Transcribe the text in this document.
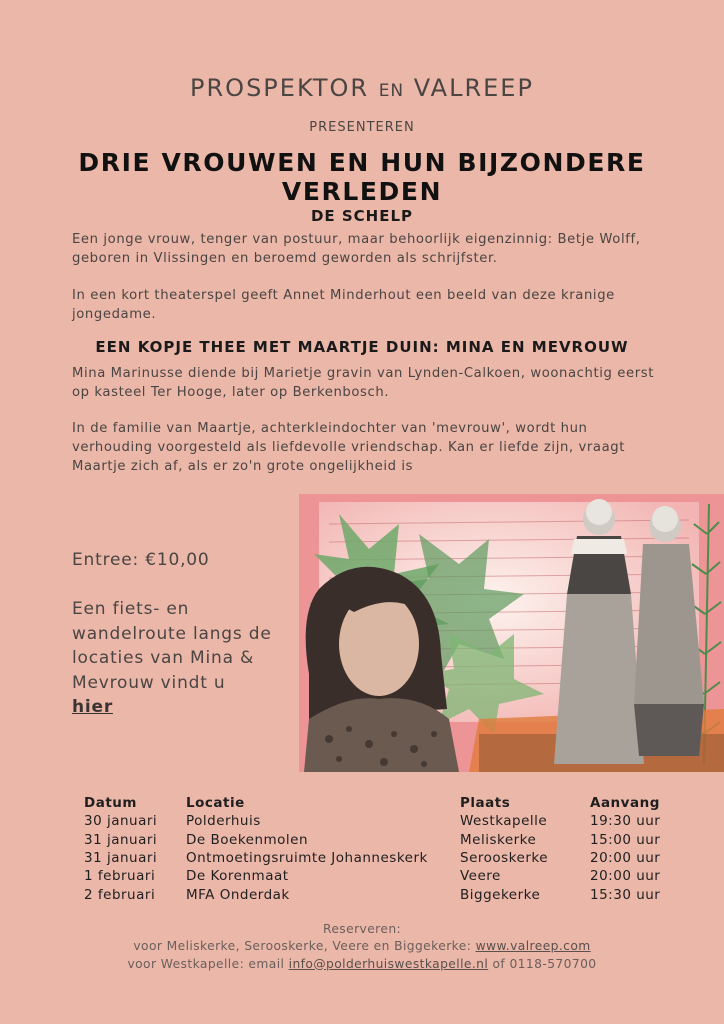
PROSPEKTOR EN VALREEP
PRESENTEREN
DRIE VROUWEN EN HUN BIJZONDERE VERLEDEN
DE SCHELP
Een jonge vrouw, tenger van postuur, maar behoorlijk eigenzinnig: Betje Wolff, geboren in Vlissingen en beroemd geworden als schrijfster.
In een kort theaterspel geeft Annet Minderhout een beeld van deze kranige jongedame.
EEN KOPJE THEE MET MAARTJE DUIN: MINA EN MEVROUW
Mina Marinusse diende bij Marietje gravin van Lynden-Calkoen, woonachtig eerst op kasteel Ter Hooge, later op Berkenbosch.
In de familie van Maartje, achterkleindochter van 'mevrouw', wordt hun verhouding voorgesteld als liefdevolle vriendschap. Kan er liefde zijn, vraagt Maartje zich af, als er zo'n grote ongelijkheid is
Entree: €10,00
Een fiets- en wandelroute langs de locaties van Mina & Mevrouw vindt u hier
Datum	Locatie	Plaats	Aanvang
30 januari	Polderhuis	Westkapelle	19:30 uur
31 januari	De Boekenmolen	Meliskerke	15:00 uur
31 januari	Ontmoetingsruimte Johanneskerk	Serooskerke	20:00 uur
1 februari	De Korenmaat	Veere	20:00 uur
2 februari	MFA Onderdak	Biggekerke	15:30 uur
Reserveren:
voor Meliskerke, Serooskerke, Veere en Biggekerke: www.valreep.com
voor Westkapelle: email info@polderhuiswestkapelle.nl of 0118-570700
